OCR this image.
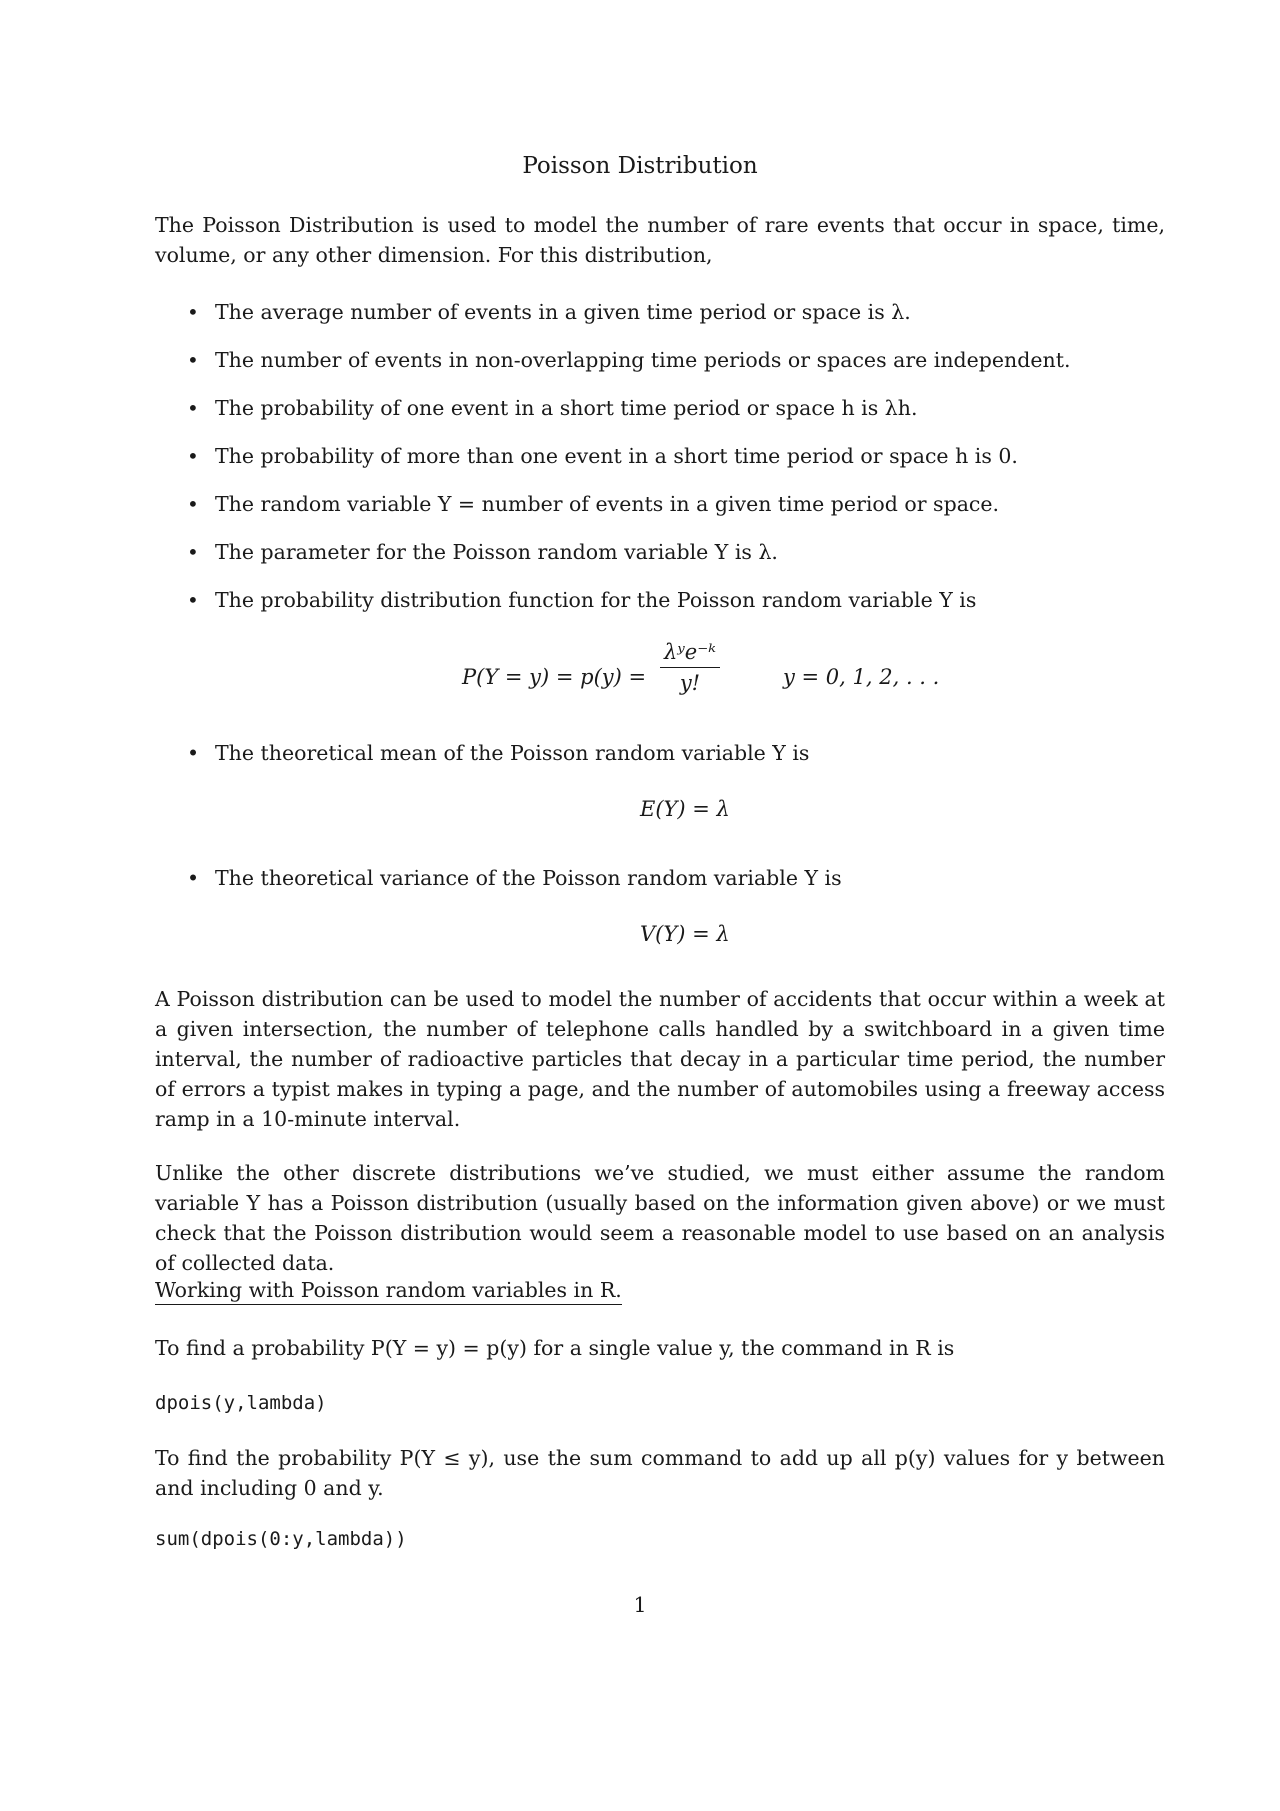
Poisson Distribution
The Poisson Distribution is used to model the number of rare events that occur in space, time, volume, or any other dimension. For this distribution,
• The average number of events in a given time period or space is λ.
• The number of events in non-overlapping time periods or spaces are independent.
• The probability of one event in a short time period or space h is λh.
• The probability of more than one event in a short time period or space h is 0.
• The random variable Y = number of events in a given time period or space.
• The parameter for the Poisson random variable Y is λ.
• The probability distribution function for the Poisson random variable Y is
P(Y = y) = p(y) =
λʸe⁻ᵏ
y!	y = 0, 1, 2, . . .
• The theoretical mean of the Poisson random variable Y is
E(Y) = λ
• The theoretical variance of the Poisson random variable Y is
V(Y) = λ
A Poisson distribution can be used to model the number of accidents that occur within a week at a given intersection, the number of telephone calls handled by a switchboard in a given time interval, the number of radioactive particles that decay in a particular time period, the number of errors a typist makes in typing a page, and the number of automobiles using a freeway access ramp in a 10-minute interval.
Unlike the other discrete distributions we’ve studied, we must either assume the random variable Y has a Poisson distribution (usually based on the information given above) or we must check that the Poisson distribution would seem a reasonable model to use based on an analysis of collected data.
Working with Poisson random variables in R.
To find a probability P(Y = y) = p(y) for a single value y, the command in R is
dpois(y,lambda)
To find the probability P(Y ≤ y), use the sum command to add up all p(y) values for y between and including 0 and y.
sum(dpois(0:y,lambda))
1
